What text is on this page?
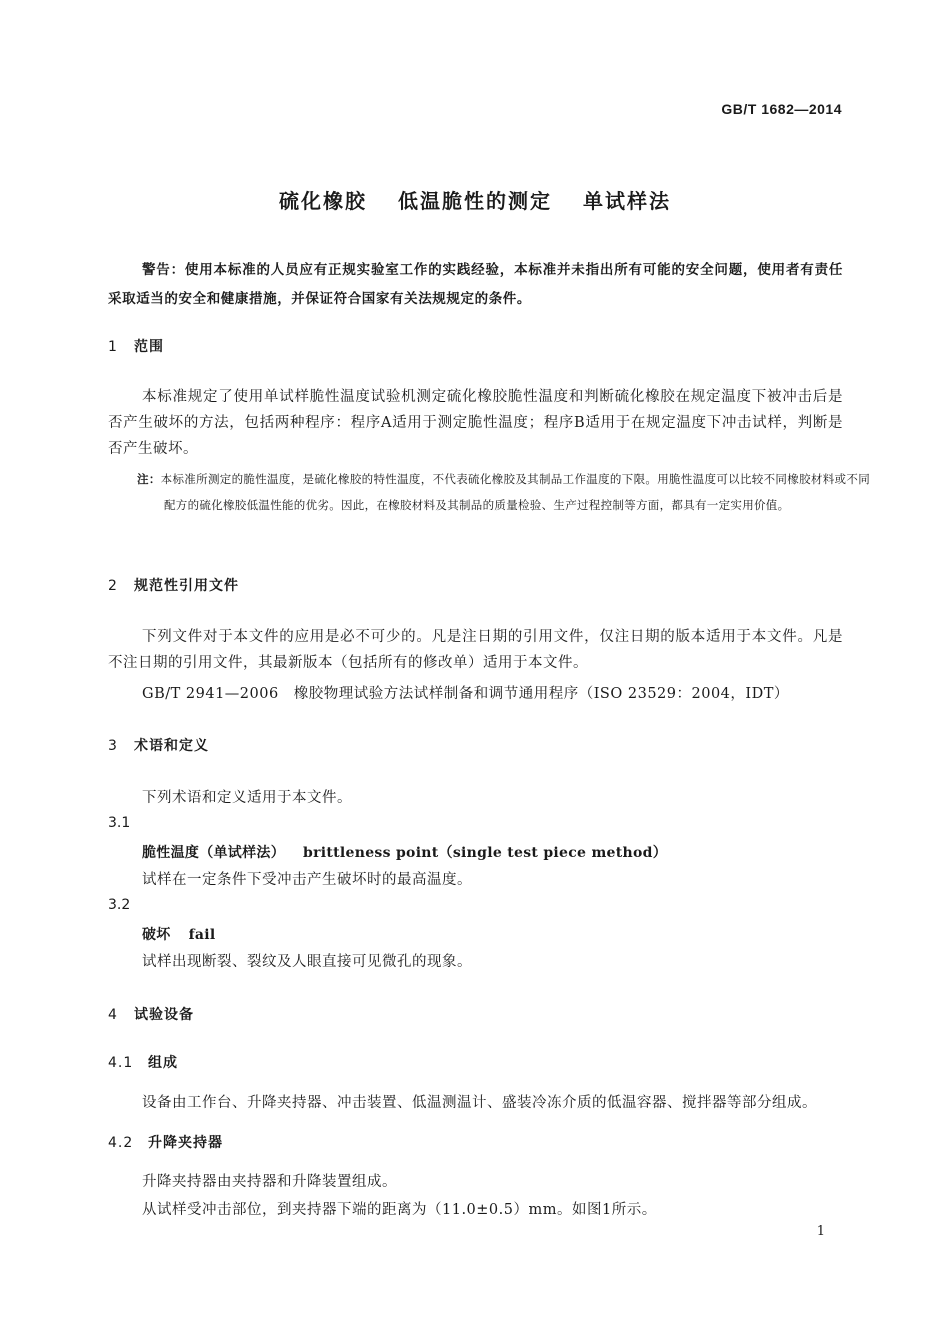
GB/T 1682—2014
硫化橡胶 低温脆性的测定 单试样法
警告：使用本标准的人员应有正规实验室工作的实践经验，本标准并未指出所有可能的安全问题，使用者有责任采取适当的安全和健康措施，并保证符合国家有关法规规定的条件。
1 范围
本标准规定了使用单试样脆性温度试验机测定硫化橡胶脆性温度和判断硫化橡胶在规定温度下被冲击后是否产生破坏的方法，包括两种程序：程序A适用于测定脆性温度；程序B适用于在规定温度下冲击试样，判断是否产生破坏。
注：本标准所测定的脆性温度，是硫化橡胶的特性温度，不代表硫化橡胶及其制品工作温度的下限。用脆性温度可以比较不同橡胶材料或不同配方的硫化橡胶低温性能的优劣。因此，在橡胶材料及其制品的质量检验、生产过程控制等方面，都具有一定实用价值。
2 规范性引用文件
下列文件对于本文件的应用是必不可少的。凡是注日期的引用文件，仅注日期的版本适用于本文件。凡是不注日期的引用文件，其最新版本（包括所有的修改单）适用于本文件。
GB/T 2941—2006　橡胶物理试验方法试样制备和调节通用程序（ISO 23529：2004，IDT）
3 术语和定义
下列术语和定义适用于本文件。
3.1
脆性温度（单试样法） brittleness point（single test piece method）
试样在一定条件下受冲击产生破坏时的最高温度。
3.2
破坏 fail
试样出现断裂、裂纹及人眼直接可见微孔的现象。
4 试验设备
4.1 组成
设备由工作台、升降夹持器、冲击装置、低温测温计、盛装冷冻介质的低温容器、搅拌器等部分组成。
4.2 升降夹持器
升降夹持器由夹持器和升降装置组成。
从试样受冲击部位，到夹持器下端的距离为（11.0±0.5）mm。如图1所示。
1
